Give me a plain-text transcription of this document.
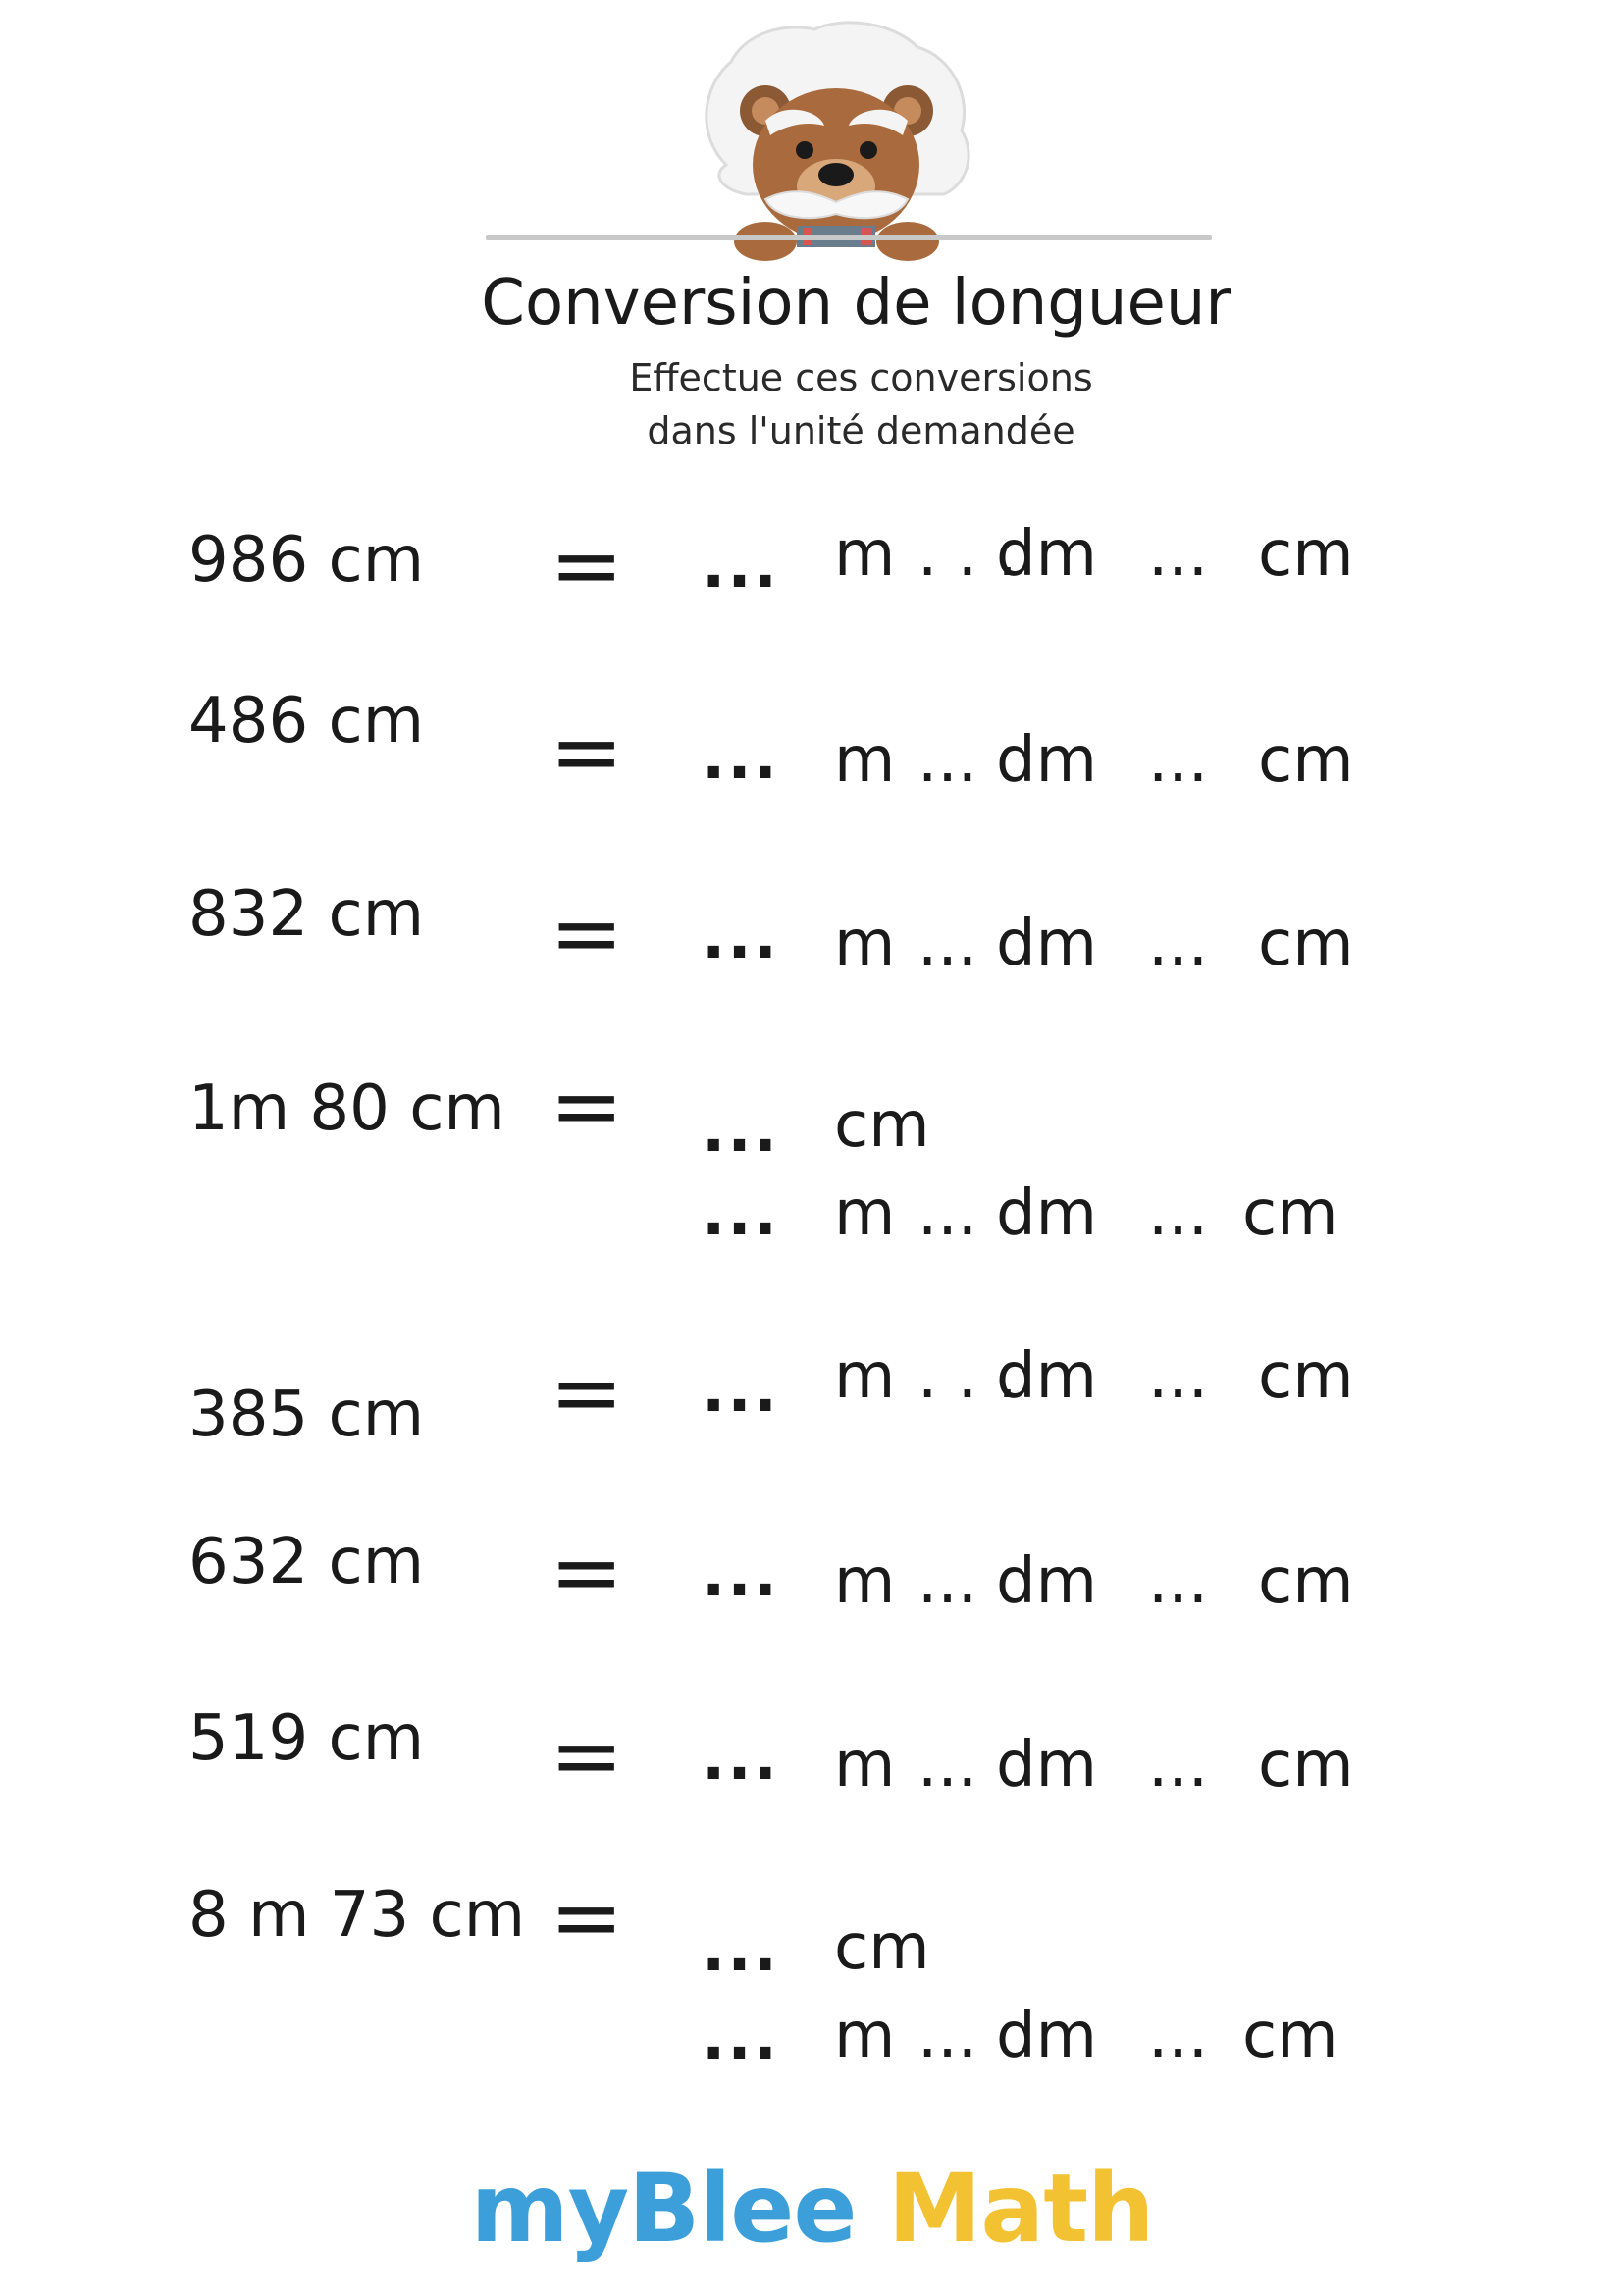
Conversion de longueur
Effectue ces conversions
dans l'unité demandée
986 cm = ... m . . .
dm ... cm
486 cm = ... m ... dm ... cm
832 cm = ... m ... dm ... cm
1m 80 cm = ... cm
... m ... dm ... cm
385 cm = ... m . . .
dm ... cm
632 cm = ... m ... dm ... cm
519 cm = ... m ... dm ... cm
8 m 73 cm = ... cm
... m ... dm ... cm
myBlee Math
